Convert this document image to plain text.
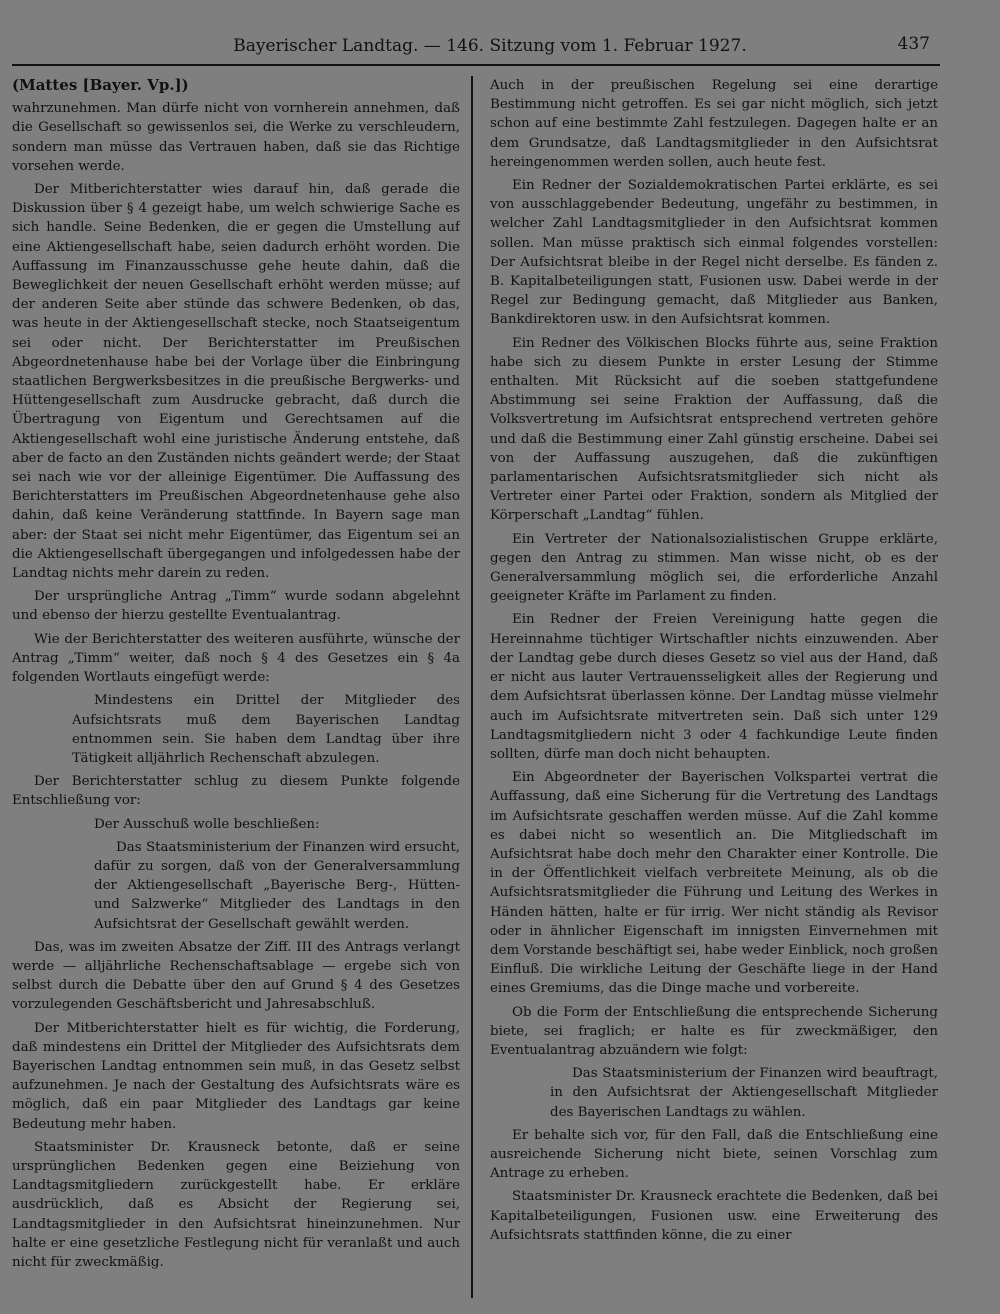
Bayerischer Landtag. — 146. Sitzung vom 1. Februar 1927.	437

(Mattes [Bayer. Vp.])

wahrzunehmen. Man dürfe nicht von vornherein annehmen, daß die Gesellschaft so gewissenlos sei, die Werke zu verschleudern, sondern man müsse das Vertrauen haben, daß sie das Richtige vorsehen werde.

Der Mitberichterstatter wies darauf hin, daß gerade die Diskussion über § 4 gezeigt habe, um welch schwierige Sache es sich handle. Seine Bedenken, die er gegen die Umstellung auf eine Aktiengesellschaft habe, seien dadurch erhöht worden. Die Auffassung im Finanzausschusse gehe heute dahin, daß die Beweglichkeit der neuen Gesellschaft erhöht werden müsse; auf der anderen Seite aber stünde das schwere Bedenken, ob das, was heute in der Aktiengesellschaft stecke, noch Staatseigentum sei oder nicht. Der Berichterstatter im Preußischen Abgeordnetenhause habe bei der Vorlage über die Einbringung staatlichen Bergwerksbesitzes in die preußische Bergwerks- und Hüttengesellschaft zum Ausdrucke gebracht, daß durch die Übertragung von Eigentum und Gerechtsamen auf die Aktiengesellschaft wohl eine juristische Änderung entstehe, daß aber de facto an den Zuständen nichts geändert werde; der Staat sei nach wie vor der alleinige Eigentümer. Die Auffassung des Berichterstatters im Preußischen Abgeordnetenhause gehe also dahin, daß keine Veränderung stattfinde. In Bayern sage man aber: der Staat sei nicht mehr Eigentümer, das Eigentum sei an die Aktiengesellschaft übergegangen und infolgedessen habe der Landtag nichts mehr darein zu reden.

Der ursprüngliche Antrag „Timm“ wurde sodann abgelehnt und ebenso der hierzu gestellte Eventualantrag.

Wie der Berichterstatter des weiteren ausführte, wünsche der Antrag „Timm“ weiter, daß noch § 4 des Gesetzes ein § 4a folgenden Wortlauts eingefügt werde:

Mindestens ein Drittel der Mitglieder des Aufsichtsrats muß dem Bayerischen Landtag entnommen sein. Sie haben dem Landtag über ihre Tätigkeit alljährlich Rechenschaft abzulegen.

Der Berichterstatter schlug zu diesem Punkte folgende Entschließung vor:

Der Ausschuß wolle beschließen:

Das Staatsministerium der Finanzen wird ersucht, dafür zu sorgen, daß von der Generalversammlung der Aktiengesellschaft „Bayerische Berg-, Hütten- und Salzwerke“ Mitglieder des Landtags in den Aufsichtsrat der Gesellschaft gewählt werden.

Das, was im zweiten Absatze der Ziff. III des Antrags verlangt werde — alljährliche Rechenschaftsablage — ergebe sich von selbst durch die Debatte über den auf Grund § 4 des Gesetzes vorzulegenden Geschäftsbericht und Jahresabschluß.

Der Mitberichterstatter hielt es für wichtig, die Forderung, daß mindestens ein Drittel der Mitglieder des Aufsichtsrats dem Bayerischen Landtag entnommen sein muß, in das Gesetz selbst aufzunehmen. Je nach der Gestaltung des Aufsichtsrats wäre es möglich, daß ein paar Mitglieder des Landtags gar keine Bedeutung mehr haben.

Staatsminister Dr. Krausneck betonte, daß er seine ursprünglichen Bedenken gegen eine Beiziehung von Landtagsmitgliedern zurückgestellt habe. Er erkläre ausdrücklich, daß es Absicht der Regierung sei, Landtagsmitglieder in den Aufsichtsrat hineinzunehmen. Nur halte er eine gesetzliche Festlegung nicht für veranlaßt und auch nicht für zweckmäßig.

Auch in der preußischen Regelung sei eine derartige Bestimmung nicht getroffen. Es sei gar nicht möglich, sich jetzt schon auf eine bestimmte Zahl festzulegen. Dagegen halte er an dem Grundsatze, daß Landtagsmitglieder in den Aufsichtsrat hereingenommen werden sollen, auch heute fest.

Ein Redner der Sozialdemokratischen Partei erklärte, es sei von ausschlaggebender Bedeutung, ungefähr zu bestimmen, in welcher Zahl Landtagsmitglieder in den Aufsichtsrat kommen sollen. Man müsse praktisch sich einmal folgendes vorstellen: Der Aufsichtsrat bleibe in der Regel nicht derselbe. Es fänden z. B. Kapitalbeteiligungen statt, Fusionen usw. Dabei werde in der Regel zur Bedingung gemacht, daß Mitglieder aus Banken, Bankdirektoren usw. in den Aufsichtsrat kommen.

Ein Redner des Völkischen Blocks führte aus, seine Fraktion habe sich zu diesem Punkte in erster Lesung der Stimme enthalten. Mit Rücksicht auf die soeben stattgefundene Abstimmung sei seine Fraktion der Auffassung, daß die Volksvertretung im Aufsichtsrat entsprechend vertreten gehöre und daß die Bestimmung einer Zahl günstig erscheine. Dabei sei von der Auffassung auszugehen, daß die zukünftigen parlamentarischen Aufsichtsratsmitglieder sich nicht als Vertreter einer Partei oder Fraktion, sondern als Mitglied der Körperschaft „Landtag“ fühlen.

Ein Vertreter der Nationalsozialistischen Gruppe erklärte, gegen den Antrag zu stimmen. Man wisse nicht, ob es der Generalversammlung möglich sei, die erforderliche Anzahl geeigneter Kräfte im Parlament zu finden.

Ein Redner der Freien Vereinigung hatte gegen die Hereinnahme tüchtiger Wirtschaftler nichts einzuwenden. Aber der Landtag gebe durch dieses Gesetz so viel aus der Hand, daß er nicht aus lauter Vertrauensseligkeit alles der Regierung und dem Aufsichtsrat überlassen könne. Der Landtag müsse vielmehr auch im Aufsichtsrate mitvertreten sein. Daß sich unter 129 Landtagsmitgliedern nicht 3 oder 4 fachkundige Leute finden sollten, dürfe man doch nicht behaupten.

Ein Abgeordneter der Bayerischen Volkspartei vertrat die Auffassung, daß eine Sicherung für die Vertretung des Landtags im Aufsichtsrate geschaffen werden müsse. Auf die Zahl komme es dabei nicht so wesentlich an. Die Mitgliedschaft im Aufsichtsrat habe doch mehr den Charakter einer Kontrolle. Die in der Öffentlichkeit vielfach verbreitete Meinung, als ob die Aufsichtsratsmitglieder die Führung und Leitung des Werkes in Händen hätten, halte er für irrig. Wer nicht ständig als Revisor oder in ähnlicher Eigenschaft im innigsten Einvernehmen mit dem Vorstande beschäftigt sei, habe weder Einblick, noch großen Einfluß. Die wirkliche Leitung der Geschäfte liege in der Hand eines Gremiums, das die Dinge mache und vorbereite.

Ob die Form der Entschließung die entsprechende Sicherung biete, sei fraglich; er halte es für zweckmäßiger, den Eventualantrag abzuändern wie folgt:

Das Staatsministerium der Finanzen wird beauftragt, in den Aufsichtsrat der Aktiengesellschaft Mitglieder des Bayerischen Landtags zu wählen.

Er behalte sich vor, für den Fall, daß die Entschließung eine ausreichende Sicherung nicht biete, seinen Vorschlag zum Antrage zu erheben.

Staatsminister Dr. Krausneck erachtete die Bedenken, daß bei Kapitalbeteiligungen, Fusionen usw. eine Erweiterung des Aufsichtsrats stattfinden könne, die zu einer
